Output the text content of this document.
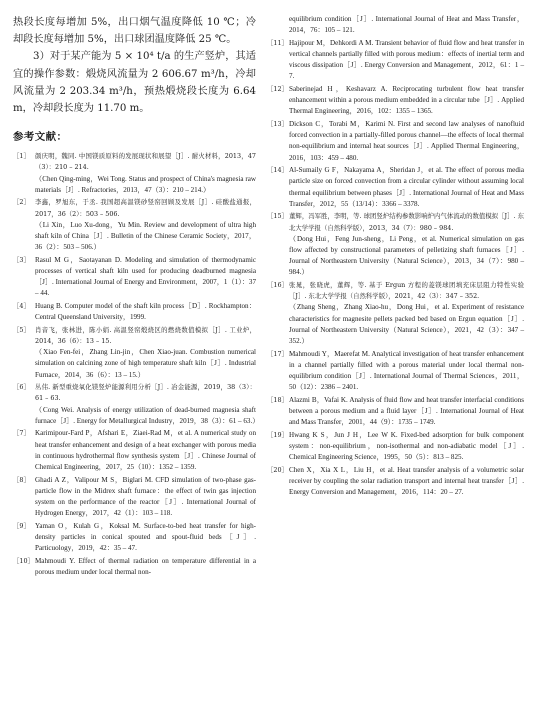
热段长度每增加 5%，出口烟气温度降低 10 ℃；冷却段长度每增加 5%，出口球团温度降低 25 ℃。

3）对于某产能为 5 × 10⁴ t/a 的生产竖炉，其适宜的操作参数：煅烧风流量为 2 606.67 m³/h，冷却风流量为 2 203.34 m³/h，预热煅烧段长度为 6.64 m，冷却段长度为 11.70 m。

参考文献：
［1］ 颜庆明，魏同. 中国镁质原料的发展现状和展望［J］. 耐火材料，2013，47（3）：210 – 214.
（Chen Qing-ming，Wei Tong. Status and prospect of China's magnesia raw materials［J］. Refractories，2013，47（3）：210 – 214.）
［2］ 李鑫，罗旭东，于丞. 我国超高温镁砂竖窑回顾及发展［J］. 硅酸盐通报，2017，36（2）：503 – 506.
（Li Xin，Luo Xu-dong，Yu Min. Review and development of ultra high shaft kiln of China［J］. Bulletin of the Chinese Ceramic Society，2017，36（2）：503 – 506.）
［3］ Rasul M G，Saotayanan D. Modeling and simulation of thermodynamic processes of vertical shaft kiln used for producing deadburned magnesia［J］. International Journal of Energy and Environment，2007，1（1）：37 – 44.
［4］ Huang B. Computer model of the shaft kiln process［D］. Rockhampton：Central Queensland University，1999.
［5］ 肖音飞，张林进，陈小娟. 高温竖窑煅烧区的燃烧数值模拟［J］. 工业炉，2014，36（6）：13 – 15.
（Xiao Fen-fei，Zhang Lin-jin，Chen Xiao-juan. Combustion numerical simulation on calcining zone of high temperature shaft kiln［J］. Industrial Furnace，2014，36（6）：13 – 15.）
［6］ 丛伟. 新型重烧氧化镁竖炉能源利用分析［J］. 冶金能源，2019，38（3）：61 – 63.
（Cong Wei. Analysis of energy utilization of dead-burned magnesia shaft furnace［J］. Energy for Metallurgical Industry，2019，38（3）：61 – 63.）
［7］ Karimipour-Fard P，Afshari E，Ziaei-Rad M，et al. A numerical study on heat transfer enhancement and design of a heat exchanger with porous media in continuous hydrothermal flow synthesis system［J］. Chinese Journal of Chemical Engineering，2017，25（10）：1352 – 1359.
［8］ Ghadi A Z，Valipour M S，Biglari M. CFD simulation of two-phase gas-particle flow in the Midrex shaft furnace：the effect of twin gas injection system on the performance of the reactor［J］. International Journal of Hydrogen Energy，2017，42（1）：103 – 118.
［9］ Yaman O，Kulah G，Koksal M. Surface-to-bed heat transfer for high-density particles in conical spouted and spout-fluid beds［J］. Particuology，2019，42：35 – 47.
［10］ Mahmoudi Y. Effect of thermal radiation on temperature differential in a porous medium under local thermal non-
equilibrium condition［J］. International Journal of Heat and Mass Transfer，2014，76：105 – 121.
［11］ Hajipour M，Dehkordi A M. Transient behavior of fluid flow and heat transfer in vertical channels partially filled with porous medium：effects of inertial term and viscous dissipation［J］. Energy Conversion and Management，2012，61：1 – 7.
［12］ Saberinejad H，Keshavarz A. Reciprocating turbulent flow heat transfer enhancement within a porous medium embedded in a circular tube［J］. Applied Thermal Engineering，2016，102：1355 – 1365.
［13］ Dickson C，Torabi M，Karimi N. First and second law analyses of nanofluid forced convection in a partially-filled porous channel—the effects of local thermal non-equilibrium and internal heat sources［J］. Applied Thermal Engineering，2016，103：459 – 480.
［14］ Al-Sumaily G F，Nakayama A，Sheridan J，et al. The effect of porous media particle size on forced convection from a circular cylinder without assuming local thermal equilibrium between phases［J］. International Journal of Heat and Mass Transfer，2012，55（13/14）：3366 – 3378.
［15］ 董辉，冯军胜，李明，等. 球团竖炉结构参数影响炉内气体流动的数值模拟［J］. 东北大学学报（自然科学版），2013，34（7）：980 – 984.
（Dong Hui，Feng Jun-sheng，Li Peng，et al. Numerical simulation on gas flow affected by constructional parameters of pelletizing shaft furnaces［J］. Journal of Northeastern University（Natural Science），2013，34（7）：980 – 984.）
［16］ 张晁，张晓虎，董辉，等. 基于 Ergun 方程的菱镁球团填充床层阻力特性实验［J］. 东北大学学报（自然科学版），2021，42（3）：347 – 352.
（Zhang Sheng，Zhang Xiao-hu，Dong Hui，et al. Experiment of resistance characteristics for magnesite pellets packed bed based on Ergun equation［J］. Journal of Northeastern University（Natural Science），2021，42（3）：347 – 352.）
［17］ Mahmoudi Y，Maerefat M. Analytical investigation of heat transfer enhancement in a channel partially filled with a porous material under local thermal non-equilibrium condition［J］. International Journal of Thermal Sciences，2011，50（12）：2386 – 2401.
［18］ Alazmi B，Vafai K. Analysis of fluid flow and heat transfer interfacial conditions between a porous medium and a fluid layer［J］. International Journal of Heat and Mass Transfer，2001，44（9）：1735 – 1749.
［19］ Hwang K S，Jun J H，Lee W K. Fixed-bed adsorption for bulk component system：non-equilibrium，non-isothermal and non-adiabatic model［J］. Chemical Engineering Science，1995，50（5）：813 – 825.
［20］ Chen X，Xia X L，Liu H，et al. Heat transfer analysis of a volumetric solar receiver by coupling the solar radiation transport and internal heat transfer［J］. Energy Conversion and Management，2016，114：20 – 27.
